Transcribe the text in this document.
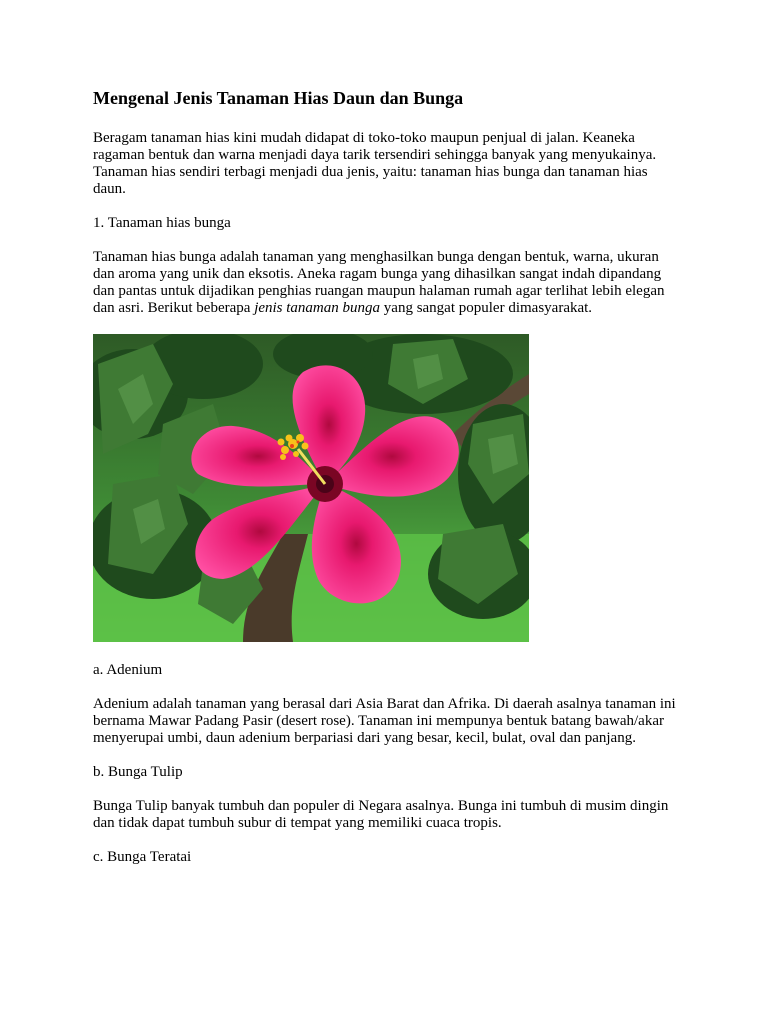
Mengenal Jenis Tanaman Hias Daun dan Bunga

Beragam tanaman hias kini mudah didapat di toko-toko maupun penjual di jalan. Keaneka ragaman bentuk dan warna menjadi daya tarik tersendiri sehingga banyak yang menyukainya. Tanaman hias sendiri terbagi menjadi dua jenis, yaitu: tanaman hias bunga dan tanaman hias daun.

1. Tanaman hias bunga

Tanaman hias bunga adalah tanaman yang menghasilkan bunga dengan bentuk, warna, ukuran dan aroma yang unik dan eksotis. Aneka ragam bunga yang dihasilkan sangat indah dipandang dan pantas untuk dijadikan penghias ruangan maupun halaman rumah agar terlihat lebih elegan dan asri. Berikut beberapa jenis tanaman bunga yang sangat populer dimasyarakat.

a. Adenium

Adenium adalah tanaman yang berasal dari Asia Barat dan Afrika. Di daerah asalnya tanaman ini bernama Mawar Padang Pasir (desert rose). Tanaman ini mempunya bentuk batang bawah/akar menyerupai umbi, daun adenium berpariasi dari yang besar, kecil, bulat, oval dan panjang.

b. Bunga Tulip

Bunga Tulip banyak tumbuh dan populer di Negara asalnya. Bunga ini tumbuh di musim dingin dan tidak dapat tumbuh subur di tempat yang memiliki cuaca tropis.

c. Bunga Teratai
